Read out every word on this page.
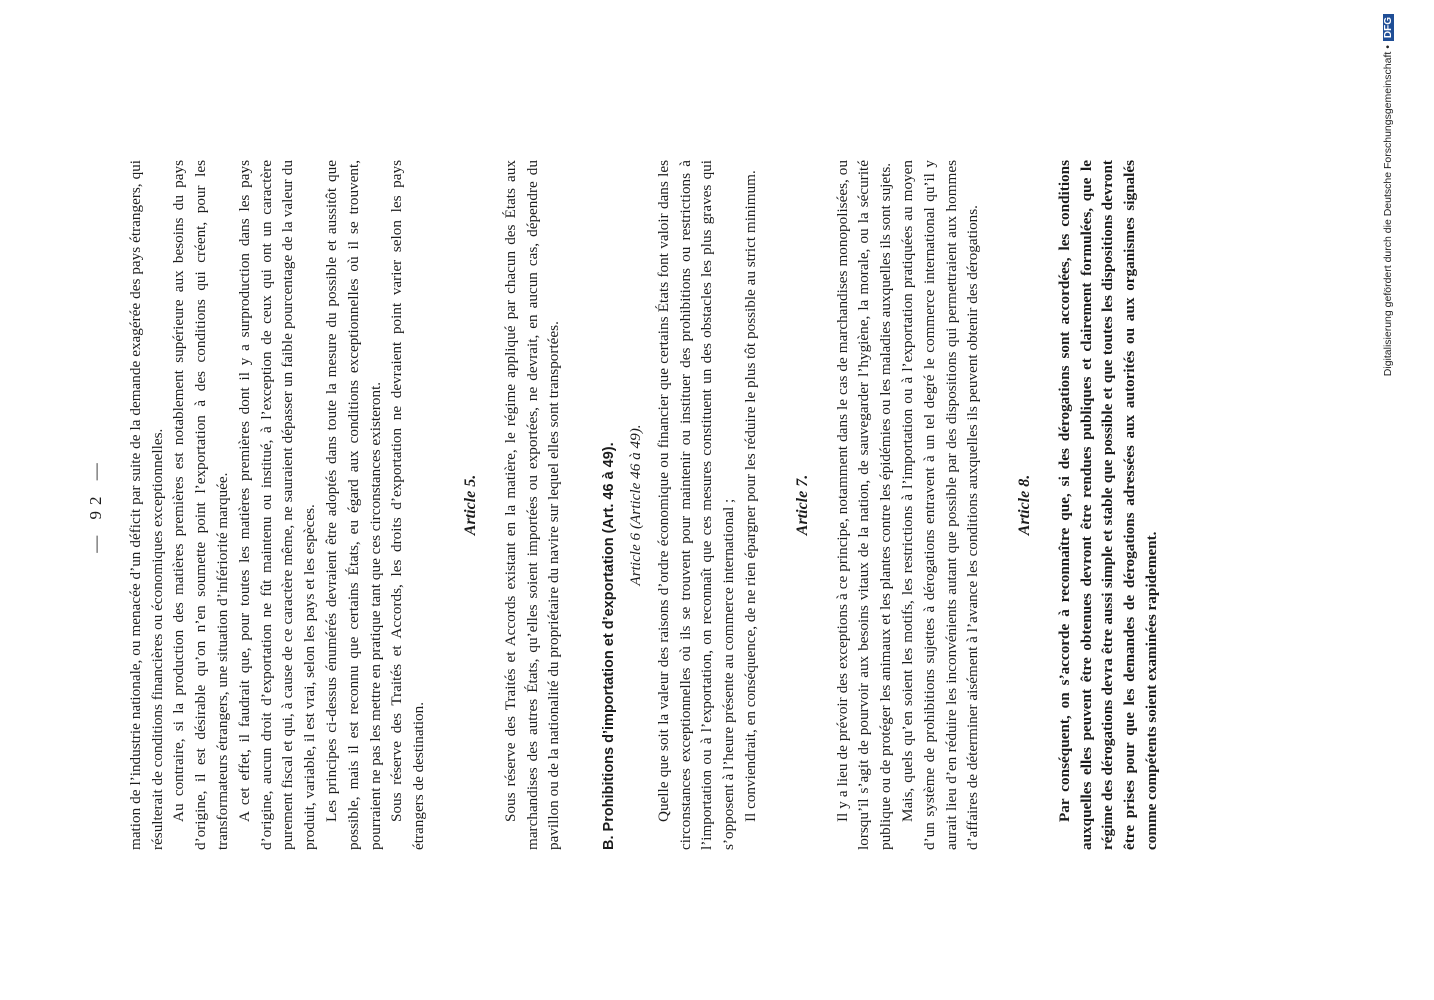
— 92 — mation de l’industrie nationale, ou menacée d’un déficit par suite de la demande exagérée des pays étrangers, qui résulterait de conditions financières ou économiques exceptionnelles. Au contraire, si la production des matières premières est notablement supérieure aux besoins du pays d’origine, il est désirable qu’on n’en soumette point l’exportation à des conditions qui créent, pour les transformateurs étrangers, une situation d’infériorité marquée. A cet effet, il faudrait que, pour toutes les matières premières dont il y a surproduction dans les pays d’origine, aucun droit d’exportation ne fût maintenu ou institué, à l’exception de ceux qui ont un caractère purement fiscal et qui, à cause de ce caractère même, ne sauraient dépasser un faible pourcentage de la valeur du produit, variable, il est vrai, selon les pays et les espèces. Les principes ci-dessus énumérés devraient être adoptés dans toute la mesure du possible et aussitôt que possible, mais il est reconnu que certains États, eu égard aux conditions exceptionnelles où il se trouvent, pourraient ne pas les mettre en pratique tant que ces circonstances existeront. Sous réserve des Traités et Accords, les droits d’exportation ne devraient point varier selon les pays étrangers de destination.

Article 5. Sous réserve des Traités et Accords existant en la matière, le régime appliqué par chacun des États aux marchandises des autres États, qu’elles soient importées ou exportées, ne devrait, en aucun cas, dépendre du pavillon ou de la nationalité du propriétaire du navire sur lequel elles sont transportées.	B. Prohibitions d’importation et d’exportation (Art. 46 à 49). Article 6 (Article 46 à 49). Quelle que soit la valeur des raisons d’ordre économique ou financier que certains États font valoir dans les circonstances exceptionnelles où ils se trouvent pour maintenir ou instituer des prohibitions ou restrictions à l’importation ou à l’exportation, on reconnaît que ces mesures constituent un des obstacles les plus graves qui s’opposent à l’heure présente au commerce international ; Il conviendrait, en conséquence, de ne rien épargner pour les réduire le plus tôt possible au strict minimum. Article 7. Il y a lieu de prévoir des exceptions à ce principe, notamment dans le cas de marchandises monopolisées, ou lorsqu’il s’agit de pourvoir aux besoins vitaux de la nation, de sauvegarder l’hygiène, la morale, ou la sécurité publique ou de protéger les animaux et les plantes contre les épidémies ou les maladies auxquelles ils sont sujets. Mais, quels qu’en soient les motifs, les restrictions à l’importation ou à l’exportation pratiquées au moyen d’un système de prohibitions sujettes à dérogations entravent à un tel degré le commerce international qu’il y aurait lieu d’en réduire les inconvénients autant que possible par des dispositions qui permettraient aux hommes d’affaires de déterminer aisément à l’avance les conditions auxquelles ils peuvent obtenir des dérogations. Article 8. Par conséquent, on s’accorde à reconnaître que, si des dérogations sont accordées, les conditions auxquelles elles peuvent être obtenues devront être rendues publiques et clairement formulées, que le régime des dérogations devra être aussi simple et stable que possible et que toutes les dispositions devront être prises pour que les demandes de dérogations adressées aux autorités ou aux organismes signalés comme compétents soient examinées rapidement.

Digitalisierung gefördert durch die Deutsche Forschungsgemeinschaft •
DFG
